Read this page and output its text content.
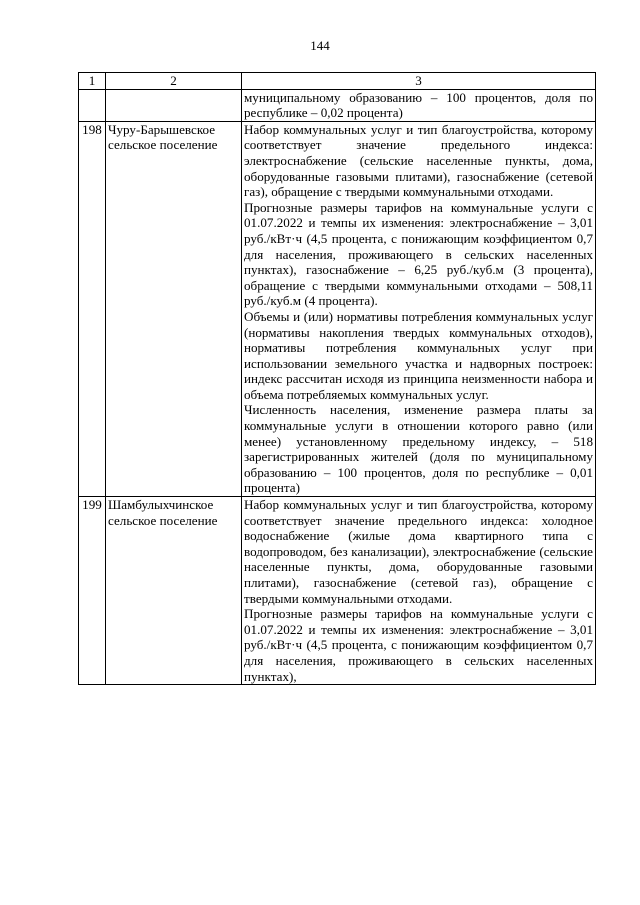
144
1	2	3

		муниципальному образованию – 100 процентов, доля по республике – 0,02 процента)

198	Чуру-Барышевское сельское поселение	Набор коммунальных услуг и тип благоустройства, которому соответствует значение предельного индекса: электроснабжение (сельские населенные пункты, дома, оборудованные газовыми плитами), газоснабжение (сетевой газ), обращение с твердыми коммунальными отходами.
Прогнозные размеры тарифов на коммунальные услуги с 01.07.2022 и темпы их изменения: электроснабжение – 3,01 руб./кВт·ч (4,5 процента, с понижающим коэффициентом 0,7 для населения, проживающего в сельских населенных пунктах), газоснабжение – 6,25 руб./куб.м (3 процента), обращение с твердыми коммунальными отходами – 508,11 руб./куб.м (4 процента).
Объемы и (или) нормативы потребления коммунальных услуг (нормативы накопления твердых коммунальных отходов), нормативы потребления коммунальных услуг при использовании земельного участка и надворных построек: индекс рассчитан исходя из принципа неизменности набора и объема потребляемых коммунальных услуг.
Численность населения, изменение размера платы за коммунальные услуги в отношении которого равно (или менее) установленному предельному индексу, – 518 зарегистрированных жителей (доля по муниципальному образованию – 100 процентов, доля по республике – 0,01 процента)

199	Шамбулыхчинское сельское поселение	Набор коммунальных услуг и тип благоустройства, которому соответствует значение предельного индекса: холодное водоснабжение (жилые дома квартирного типа с водопроводом, без канализации), электроснабжение (сельские населенные пункты, дома, оборудованные газовыми плитами), газоснабжение (сетевой газ), обращение с твердыми коммунальными отходами.
Прогнозные размеры тарифов на коммунальные услуги с 01.07.2022 и темпы их изменения: электроснабжение – 3,01 руб./кВт·ч (4,5 процента, с понижающим коэффициентом 0,7 для населения, проживающего в сельских населенных пунктах),
